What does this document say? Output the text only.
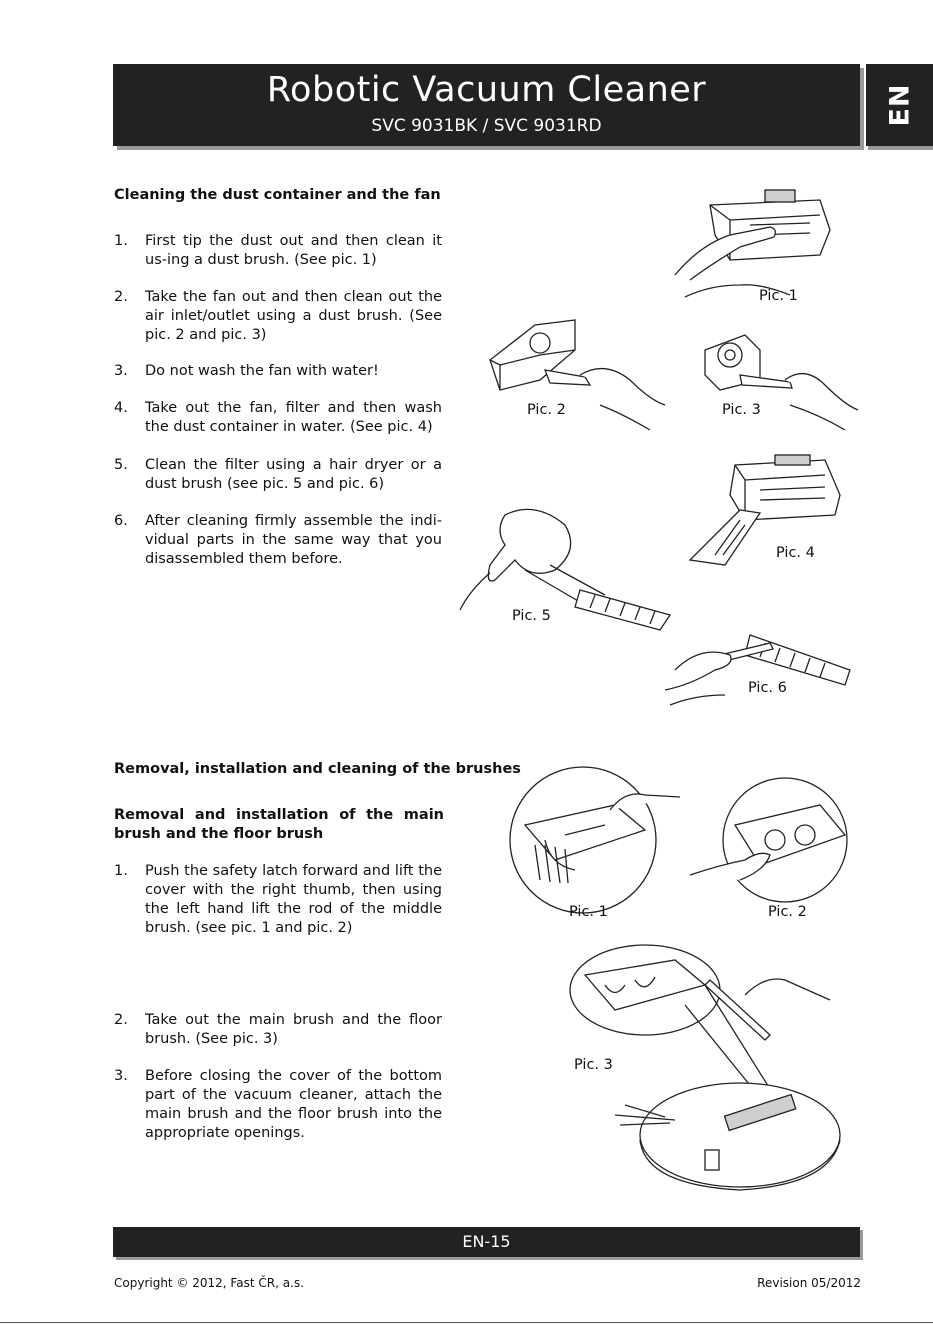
Robotic Vacuum Cleaner
SVC 9031BK / SVC 9031RD	EN
Cleaning the dust container and the fan
1. First tip the dust out and then clean it us-ing a dust brush. (See pic. 1)
2. Take the fan out and then clean out the air inlet/outlet using a dust brush. (See pic. 2 and pic. 3)
3. Do not wash the fan with water!
4. Take out the fan, filter and then wash the dust container in water. (See pic. 4)
5. Clean the filter using a hair dryer or a dust brush (see pic. 5 and pic. 6)
6. After cleaning firmly assemble the indi-vidual parts in the same way that you disassembled them before.
Pic. 1
Pic. 2	Pic. 3
Pic. 4
Pic. 5
Pic. 6
Removal, installation and cleaning of the brushes
Removal and installation of the main brush and the floor brush
1. Push the safety latch forward and lift the cover with the right thumb, then using the left hand lift the rod of the middle brush. (see pic. 1 and pic. 2)
2. Take out the main brush and the floor brush. (See pic. 3)
3. Before closing the cover of the bottom part of the vacuum cleaner, attach the main brush and the floor brush into the appropriate openings.
Pic. 1	Pic. 2
Pic. 3
EN-15
Copyright © 2012, Fast ČR, a.s.	Revision 05/2012
